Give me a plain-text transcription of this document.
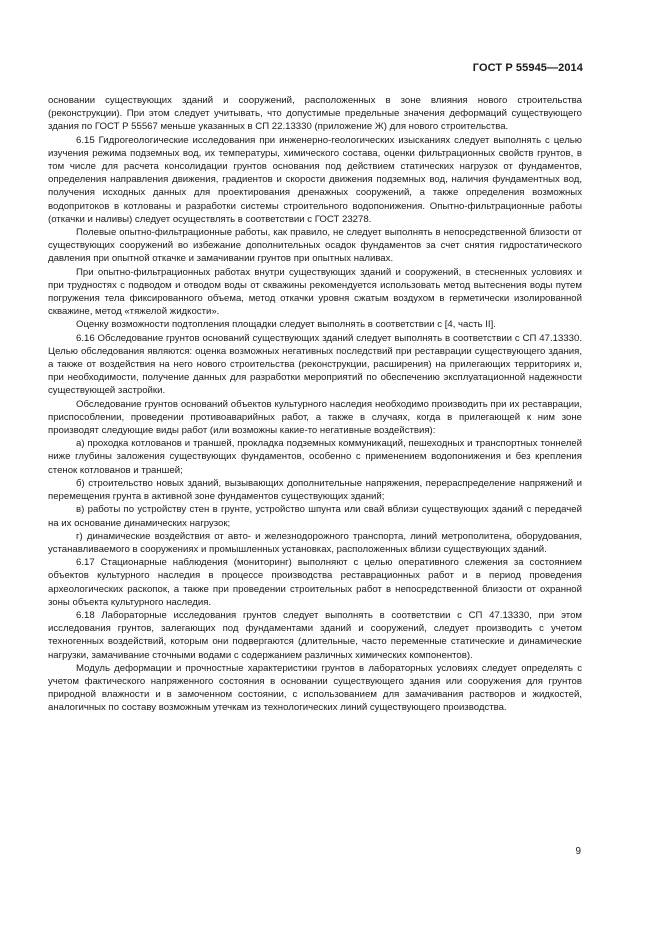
ГОСТ Р 55945—2014

основании существующих зданий и сооружений, расположенных в зоне влияния нового строительства (реконструкции). При этом следует учитывать, что допустимые предельные значения деформаций существующего здания по ГОСТ Р 55567 меньше указанных в СП 22.13330 (приложение Ж) для нового строительства.

6.15 Гидрогеологические исследования при инженерно-геологических изысканиях следует выполнять с целью изучения режима подземных вод, их температуры, химического состава, оценки фильтрационных свойств грунтов, в том числе для расчета консолидации грунтов основания под действием статических нагрузок от фундаментов, определения направления движения, градиентов и скорости движения подземных вод, наличия фундаментных вод, получения исходных данных для проектирования дренажных сооружений, а также определения возможных водопритоков в котлованы и разработки системы строительного водопонижения. Опытно-фильтрационные работы (откачки и наливы) следует осуществлять в соответствии с ГОСТ 23278.

Полевые опытно-фильтрационные работы, как правило, не следует выполнять в непосредственной близости от существующих сооружений во избежание дополнительных осадок фундаментов за счет снятия гидростатического давления при опытной откачке и замачивании грунтов при опытных наливах.

При опытно-фильтрационных работах внутри существующих зданий и сооружений, в стесненных условиях и при трудностях с подводом и отводом воды от скважины рекомендуется использовать метод вытеснения воды путем погружения тела фиксированного объема, метод откачки уровня сжатым воздухом в герметически изолированной скважине, метод «тяжелой жидкости».

Оценку возможности подтопления площадки следует выполнять в соответствии с [4, часть II].

6.16 Обследование грунтов оснований существующих зданий следует выполнять в соответствии с СП 47.13330. Целью обследования являются: оценка возможных негативных последствий при реставрации существующего здания, а также от воздействия на него нового строительства (реконструкции, расширения) на прилегающих территориях и, при необходимости, получение данных для разработки мероприятий по обеспечению эксплуатационной надежности существующей застройки.

Обследование грунтов оснований объектов культурного наследия необходимо производить при их реставрации, приспособлении, проведении противоаварийных работ, а также в случаях, когда в прилегающей к ним зоне производят следующие виды работ (или возможны какие-то негативные воздействия):

а) проходка котлованов и траншей, прокладка подземных коммуникаций, пешеходных и транспортных тоннелей ниже глубины заложения существующих фундаментов, особенно с применением водопонижения и без крепления стенок котлованов и траншей;

б) строительство новых зданий, вызывающих дополнительные напряжения, перераспределение напряжений и перемещения грунта в активной зоне фундаментов существующих зданий;

в) работы по устройству стен в грунте, устройство шпунта или свай вблизи существующих зданий с передачей на их основание динамических нагрузок;

г) динамические воздействия от авто- и железнодорожного транспорта, линий метрополитена, оборудования, устанавливаемого в сооружениях и промышленных установках, расположенных вблизи существующих зданий.

6.17 Стационарные наблюдения (мониторинг) выполняют с целью оперативного слежения за состоянием объектов культурного наследия в процессе производства реставрационных работ и в период проведения археологических раскопок, а также при проведении строительных работ в непосредственной близости от охранной зоны объекта культурного наследия.

6.18 Лабораторные исследования грунтов следует выполнять в соответствии с СП 47.13330, при этом исследования грунтов, залегающих под фундаментами зданий и сооружений, следует производить с учетом техногенных воздействий, которым они подвергаются (длительные, часто переменные статические и динамические нагрузки, замачивание сточными водами с содержанием различных химических компонентов).

Модуль деформации и прочностные характеристики грунтов в лабораторных условиях следует определять с учетом фактического напряженного состояния в основании существующего здания или сооружения для грунтов природной влажности и в замоченном состоянии, с использованием для замачивания растворов и жидкостей, аналогичных по составу возможным утечкам из технологических линий существующего производства.

9
